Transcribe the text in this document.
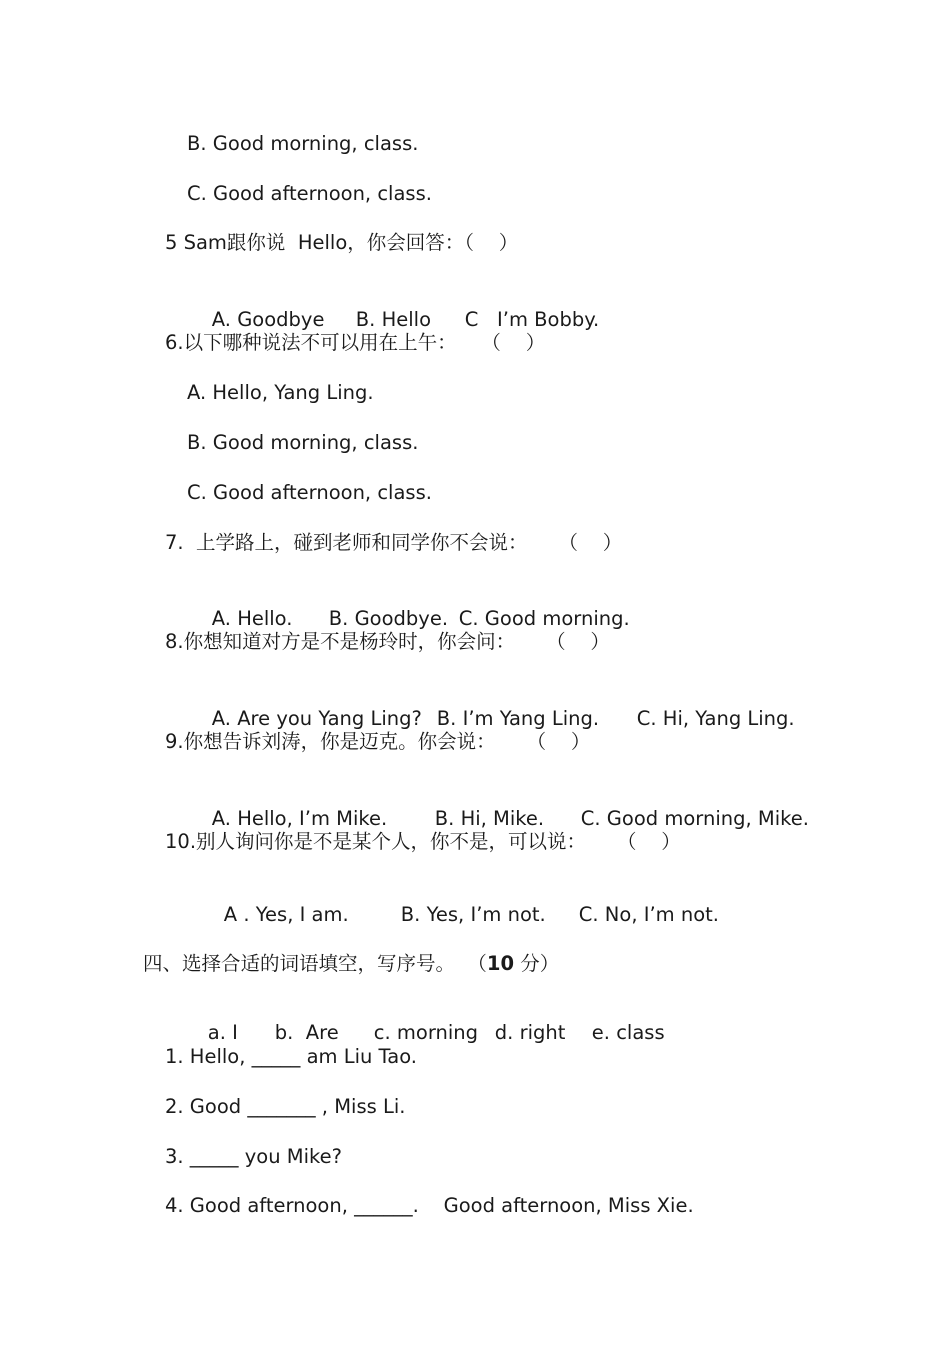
B. Good morning, class.
C. Good afternoon, class.
5 Sam跟你说  Hello，你会回答：（    ）

A. Goodbye B. Hello C   I’m Bobby.

6.以下哪种说法不可以用在上午：    （    ）
A. Hello, Yang Ling.
B. Good morning, class.
C. Good afternoon, class.
7.  上学路上，碰到老师和同学你不会说：     （    ）

A. Hello. B. Goodbye. C. Good morning.

8.你想知道对方是不是杨玲时，你会问：     （    ）

A. Are you Yang Ling? B. I’m Yang Ling. C. Hi, Yang Ling.

9.你想告诉刘涛，你是迈克。你会说：     （    ）

A. Hello, I’m Mike. B. Hi, Mike. C. Good morning, Mike.

10.别人询问你是不是某个人，你不是，可以说：     （    ）

A . Yes, I am.	B. Yes, I’m not. C. No, I’m not.

四、选择合适的词语填空，写序号。  （10 分）

a. I b.  Are c. morning d. right e. class

1. Hello, _____ am Liu Tao.
2. Good _______ , Miss Li.
3. _____ you Mike?
4. Good afternoon, ______.    Good afternoon, Miss Xie.
